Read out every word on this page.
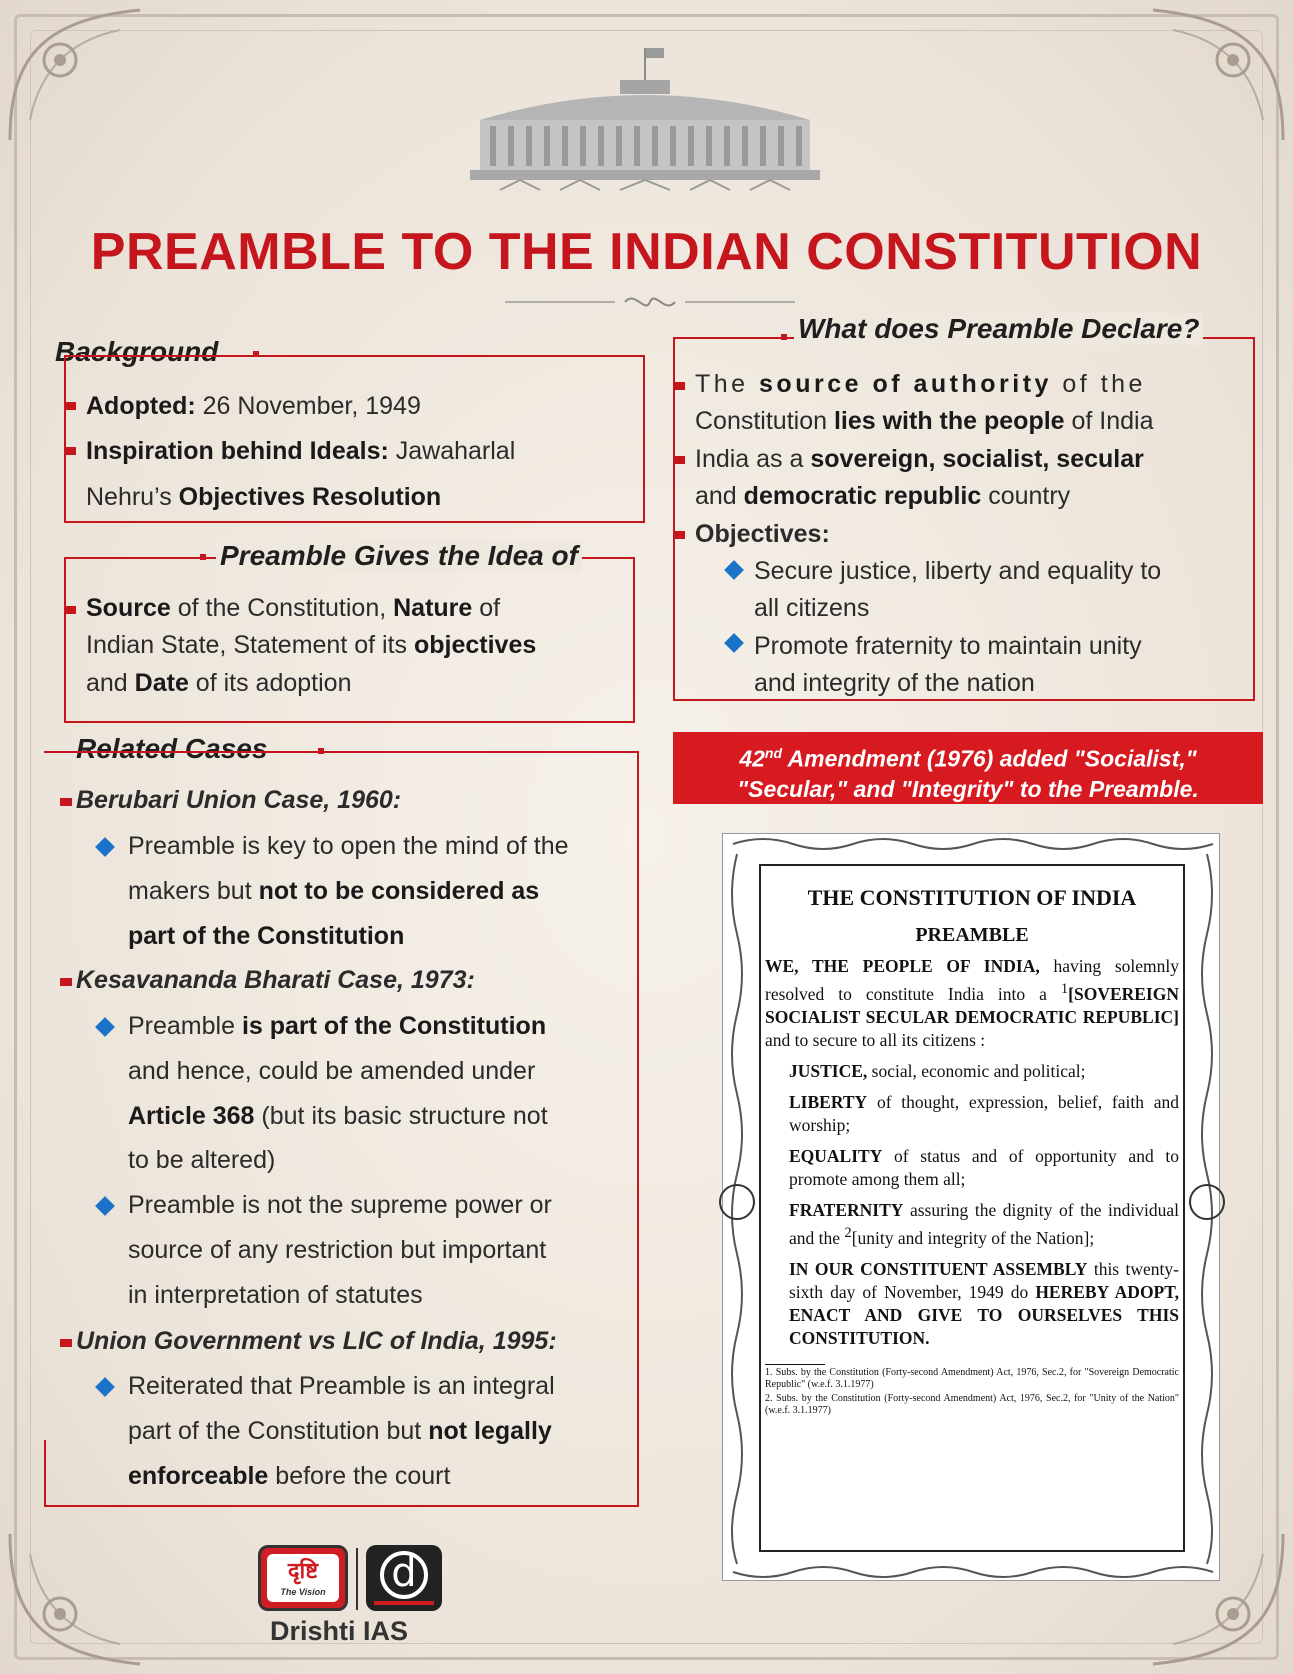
PREAMBLE TO THE INDIAN CONSTITUTION
Background
Adopted: 26 November, 1949
Inspiration behind Ideals: Jawaharlal
Nehru’s Objectives Resolution
Preamble Gives the Idea of
Source of the Constitution, Nature of
Indian State, Statement of its objectives
and Date of its adoption
Related Cases
Berubari Union Case, 1960:
Preamble is key to open the mind of the
makers but not to be considered as
part of the Constitution
Kesavananda Bharati Case, 1973:
Preamble is part of the Constitution
and hence, could be amended under
Article 368 (but its basic structure not
to be altered)
Preamble is not the supreme power or
source of any restriction but important
in interpretation of statutes
Union Government vs LIC of India, 1995:
Reiterated that Preamble is an integral
part of the Constitution but not legally
enforceable before the court
What does Preamble Declare?
The source of authority of the
Constitution lies with the people of India
India as a sovereign, socialist, secular
and democratic republic country
Objectives:
Secure justice, liberty and equality to
all citizens
Promote fraternity to maintain unity
and integrity of the nation
42nd Amendment (1976) added "Socialist,"
"Secular," and "Integrity" to the Preamble.
THE CONSTITUTION OF INDIA
PREAMBLE

WE, THE PEOPLE OF INDIA, having solemnly resolved to constitute India into a $^1$[SOVEREIGN SOCIALIST SECULAR DEMOCRATIC REPUBLIC] and to secure to all its citizens :

JUSTICE, social, economic and political;

LIBERTY of thought, expression, belief, faith and worship;

EQUALITY of status and of opportunity and to promote among them all;

FRATERNITY assuring the dignity of the individual and the $^2$[unity and integrity of the Nation];

IN OUR CONSTITUENT ASSEMBLY this twenty-sixth day of November, 1949 do HEREBY ADOPT, ENACT AND GIVE TO OURSELVES THIS CONSTITUTION.

1. Subs. by the Constitution (Forty-second Amendment) Act, 1976, Sec.2, for "Sovereign Democratic Republic" (w.e.f. 3.1.1977)

2. Subs. by the Constitution (Forty-second Amendment) Act, 1976, Sec.2, for "Unity of the Nation" (w.e.f. 3.1.1977)

दृष्टि
The Vision	d
Drishti IAS
